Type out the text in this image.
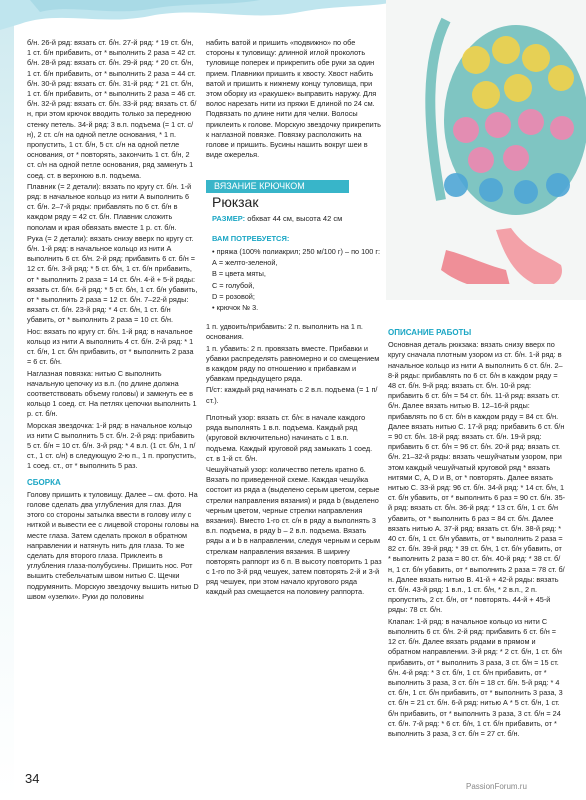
б/н. 26-й ряд: вязать ст. б/н. 27-й ряд: * 19 ст. б/н, 1 ст. б/н прибавить, от * выполнить 2 раза = 42 ст. б/н. 28-й ряд: вязать ст. б/н. 29-й ряд: * 20 ст. б/н, 1 ст. б/н прибавить, от * выполнить 2 раза = 44 ст. б/н. 30-й ряд: вязать ст. б/н. 31-й ряд: * 21 ст. б/н, 1 ст. б/н прибавить, от * выполнить 2 раза = 46 ст. б/н. 32-й ряд: вязать ст. б/н. 33-й ряд: вязать ст. б/н, при этом крючок вводить только за переднюю стенку петель. 34-й ряд: 3 в.п. подъема (= 1 ст. с/н), 2 ст. с/н на одной петле основания, * 1 п. пропустить, 1 ст. б/н, 5 ст. с/н на одной петле основания, от * повторять, закончить 1 ст. б/н, 2 ст. с/н на одной петле основания, ряд замкнуть 1 соед. ст. в верхнюю в.п. подъема.

Плавник (= 2 детали): вязать по кругу ст. б/н. 1-й ряд: в начальное кольцо из нити А выполнить 6 ст. б/н. 2–7-й ряды: прибавлять по 6 ст. б/н в каждом ряду = 42 ст. б/н. Плавник сложить пополам и края обвязать вместе 1 р. ст. б/н.

Рука (= 2 детали): вязать снизу вверх по кругу ст. б/н. 1-й ряд: в начальное кольцо из нити А выполнить 6 ст. б/н. 2-й ряд: прибавить 6 ст. б/н = 12 ст. б/н. 3-й ряд: * 5 ст. б/н, 1 ст. б/н прибавить, от * выполнить 2 раза = 14 ст. б/н. 4-й + 5-й ряды: вязать ст. б/н. 6-й ряд: * 5 ст. б/н, 1 ст. б/н убавить, от * выполнить 2 раза = 12 ст. б/н. 7–22-й ряды: вязать ст. б/н. 23-й ряд: * 4 ст. б/н, 1 ст. б/н убавить, от * выполнить 2 раза = 10 ст. б/н.

Нос: вязать по кругу ст. б/н. 1-й ряд: в начальное кольцо из нити А выполнить 4 ст. б/н. 2-й ряд: * 1 ст. б/н, 1 ст. б/н прибавить, от * выполнить 2 раза = 6 ст. б/н.

Наглазная повязка: нитью С выполнить начальную цепочку из в.п. (по длине должна соответствовать объему головы) и замкнуть ее в кольцо 1 соед. ст. На петлях цепочки выполнить 1 р. ст. б/н.

Морская звездочка: 1-й ряд: в начальное кольцо из нити С выполнить 5 ст. б/н. 2-й ряд: прибавить 5 ст. б/н = 10 ст. б/н. 3-й ряд: * 4 в.п. (1 ст. б/н, 1 п/ст., 1 ст. с/н) в следующую 2-ю п., 1 п. пропустить, 1 соед. ст., от * выполнить 5 раз.

СБОРКА

Голову пришить к туловищу. Далее – см. фото. На голове сделать два углубления для глаз. Для этого со стороны затылка ввести в голову иглу с ниткой и вывести ее с лицевой стороны головы на месте глаза. Затем сделать прокол в обратном направлении и натянуть нить для глаза. То же сделать для второго глаза. Приклеить в углубления глаза-полубусины. Пришить нос. Рот вышить стебельчатым швом нитью С. Щечки подрумянить. Морскую звездочку вышить нитью D швом «узелки». Руки до половины

набить ватой и пришить «подвижно» по обе стороны к туловищу: длинной иглой проколоть туловище поперек и прикрепить обе руки за один прием. Плавники пришить к хвосту. Хвост набить ватой и пришить к нижнему концу туловища, при этом оборку из «ракушек» выправить наружу. Для волос нарезать нити из пряжи Е длиной по 24 см. Подвязать по длине нити для челки. Волосы приклеить к голове. Морскую звездочку прикрепить к наглазной повязке. Повязку расположить на голове и пришить. Бусины нашить вокруг шеи в виде ожерелья.

ВЯЗАНИЕ КРЮЧКОМ
Рюкзак
РАЗМЕР: обхват 44 см, высота 42 см
ВАМ ПОТРЕБУЕТСЯ:

• пряжа (100% полиакрил; 250 м/100 г) – по 100 г:

А = желто-зеленой,

В = цвета мяты,

С = голубой,

D = розовой;

• крючок № 3.

1 п. удвоить/прибавить: 2 п. выполнить на 1 п. основания.

1 п. убавить: 2 п. провязать вместе. Прибавки и убавки распределять равномерно и со смещением в каждом ряду по отношению к прибавкам и убавкам предыдущего ряда.

П/ст: каждый ряд начинать с 2 в.п. подъема (= 1 п/ст.).

Плотный узор: вязать ст. б/н: в начале каждого ряда выполнять 1 в.п. подъема. Каждый ряд (круговой включительно) начинать с 1 в.п. подъема. Каждый круговой ряд замыкать 1 соед. ст. в 1-й ст. б/н.

Чешуйчатый узор: количество петель кратно 6. Вязать по приведенной схеме. Каждая чешуйка состоит из ряда а (выделено серым цветом, серые стрелки направления вязания) и ряда b (выделено черным цветом, черные стрелки направления вязания). Вместо 1-го ст. с/н в ряду а выполнять 3 в.п. подъема, в ряду b – 2 в.п. подъема. Вязать ряды а и b в направлении, следуя черным и серым стрелкам направления вязания. В ширину повторять раппорт из 6 п. В высоту повторить 1 раз с 1-го по 3-й ряд чешуек, затем повторять 2-й и 3-й ряд чешуек, при этом начало кругового ряда каждый раз смещается на половину раппорта.

ОПИСАНИЕ РАБОТЫ

Основная деталь рюкзака: вязать снизу вверх по кругу сначала плотным узором из ст. б/н. 1-й ряд: в начальное кольцо из нити А выполнить 6 ст. б/н. 2–8-й ряды: прибавлять по 6 ст. б/н в каждом ряду = 48 ст. б/н. 9-й ряд: вязать ст. б/н. 10-й ряд: прибавить 6 ст. б/н = 54 ст. б/н. 11-й ряд: вязать ст. б/н. Далее вязать нитью В. 12–16-й ряды: прибавлять по 6 ст. б/н в каждом ряду = 84 ст. б/н. Далее вязать нитью С. 17-й ряд: прибавить 6 ст. б/н = 90 ст. б/н. 18-й ряд: вязать ст. б/н. 19-й ряд: прибавить 6 ст. б/н = 96 ст. б/н. 20-й ряд: вязать ст. б/н. 21–32-й ряды: вязать чешуйчатым узором, при этом каждый чешуйчатый круговой ряд * вязать нитями С, А, D и В, от * повторять. Далее вязать нитью С. 33-й ряд: 96 ст. б/н. 34-й ряд: * 14 ст. б/н, 1 ст. б/н убавить, от * выполнить 6 раз = 90 ст. б/н. 35-й ряд: вязать ст. б/н. 36-й ряд: * 13 ст. б/н, 1 ст. б/н убавить, от * выполнить 6 раз = 84 ст. б/н. Далее вязать нитью А. 37-й ряд: вязать ст. б/н. 38-й ряд: * 40 ст. б/н, 1 ст. б/н убавить, от * выполнить 2 раза = 82 ст. б/н. 39-й ряд: * 39 ст. б/н, 1 ст. б/н убавить, от * выполнить 2 раза = 80 ст. б/н. 40-й ряд: * 38 ст. б/н, 1 ст. б/н убавить, от * выполнить 2 раза = 78 ст. б/н. Далее вязать нитью В. 41-й + 42-й ряды: вязать ст. б/н. 43-й ряд: 1 в.п., 1 ст. б/н, * 2 в.п., 2 п. пропустить, 2 ст. б/н, от * повторять. 44-й + 45-й ряды: 78 ст. б/н.

Клапан: 1-й ряд: в начальное кольцо из нити С выполнить 6 ст. б/н. 2-й ряд: прибавить 6 ст. б/н = 12 ст. б/н. Далее вязать рядами в прямом и обратном направлении. 3-й ряд: * 2 ст. б/н, 1 ст. б/н прибавить, от * выполнить 3 раза, 3 ст. б/н = 15 ст. б/н. 4-й ряд: * 3 ст. б/н, 1 ст. б/н прибавить, от * выполнить 3 раза, 3 ст. б/н = 18 ст. б/н. 5-й ряд: * 4 ст. б/н, 1 ст. б/н прибавить, от * выполнить 3 раза, 3 ст. б/н = 21 ст. б/н. 6-й ряд: нитью А * 5 ст. б/н, 1 ст. б/н прибавить, от * выполнить 3 раза, 3 ст. б/н = 24 ст. б/н. 7-й ряд: * 6 ст. б/н, 1 ст. б/н прибавить, от * выполнить 3 раза, 3 ст. б/н = 27 ст. б/н.

34
PassionForum.ru
